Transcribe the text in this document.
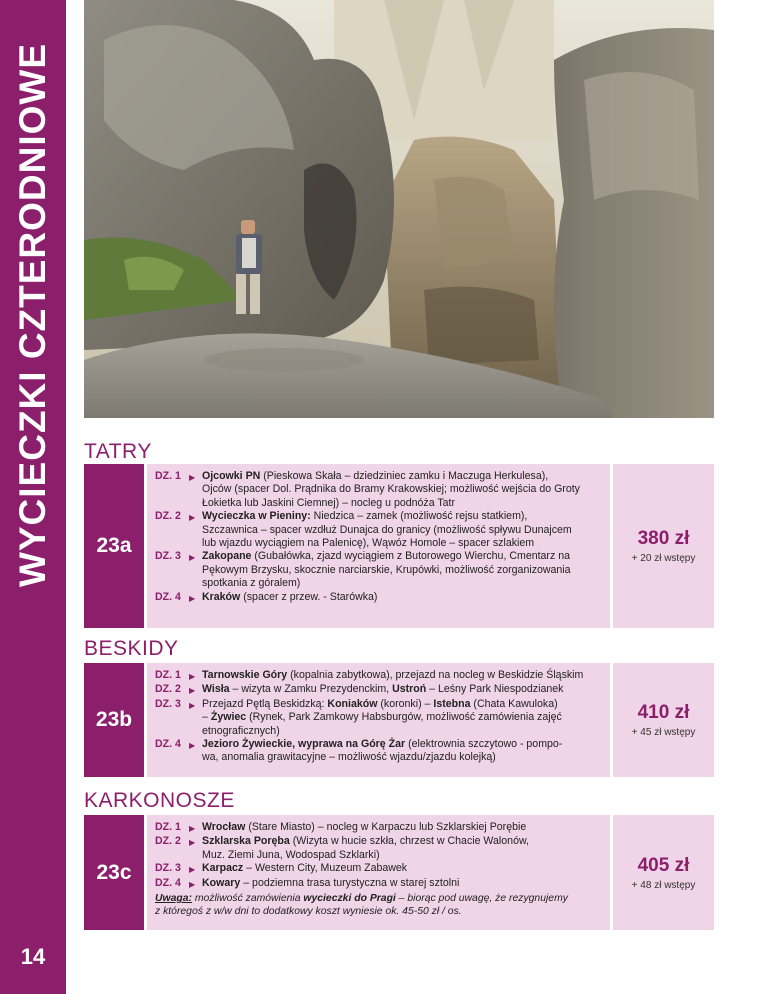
WYCIECZKI CZTERODNIOWE
14
TATRY
23a
DZ. 1	▶ Ojcowki PN (Pieskowa Skała – dziedziniec zamku i Maczuga Herkulesa),

Ojców (spacer Dol. Prądnika do Bramy Krakowskiej; możliwość wejścia do Groty

Łokietka lub Jaskini Ciemnej) – nocleg u podnóża Tatr

DZ. 2	▶ Wycieczka w Pieniny: Niedzica – zamek (możliwość rejsu statkiem),

Szczawnica – spacer wzdłuż Dunajca do granicy (możliwość spływu Dunajcem

lub wjazdu wyciągiem na Palenicę), Wąwóz Homole – spacer szlakiem

DZ. 3	▶ Zakopane (Gubałówka, zjazd wyciągiem z Butorowego Wierchu, Cmentarz na

Pękowym Brzysku, skocznie narciarskie, Krupówki, możliwość zorganizowania

spotkania z góralem)

DZ. 4	▶ Kraków (spacer z przew. - Starówka)

380 zł
+ 20 zł wstępy
BESKIDY
23b
DZ. 1	▶ Tarnowskie Góry (kopalnia zabytkowa), przejazd na nocleg w Beskidzie Śląskim

DZ. 2	▶ Wisła – wizyta w Zamku Prezydenckim, Ustroń – Leśny Park Niespodzianek

DZ. 3	▶ Przejazd Pętlą Beskidzką: Koniaków (koronki) – Istebna (Chata Kawuloka)

– Żywiec (Rynek, Park Zamkowy Habsburgów, możliwość zamówienia zajęć

etnograficznych)

DZ. 4	▶ Jezioro Żywieckie, wyprawa na Górę Żar (elektrownia szczytowo - pompo-

wa, anomalia grawitacyjne – możliwość wjazdu/zjazdu kolejką)

410 zł
+ 45 zł wstępy
KARKONOSZE
23c
DZ. 1	▶ Wrocław (Stare Miasto) – nocleg w Karpaczu lub Szklarskiej Porębie

DZ. 2	▶ Szklarska Poręba (Wizyta w hucie szkła, chrzest w Chacie Walonów,

Muz. Ziemi Juna, Wodospad Szklarki)

DZ. 3	▶ Karpacz – Western City, Muzeum Zabawek

DZ. 4	▶ Kowary – podziemna trasa turystyczna w starej sztolni

Uwaga: możliwość zamówienia wycieczki do Pragi – biorąc pod uwagę, że rezygnujemy
z któregoś z w/w dni to dodatkowy koszt wyniesie ok. 45-50 zł / os.
405 zł
+ 48 zł wstępy
